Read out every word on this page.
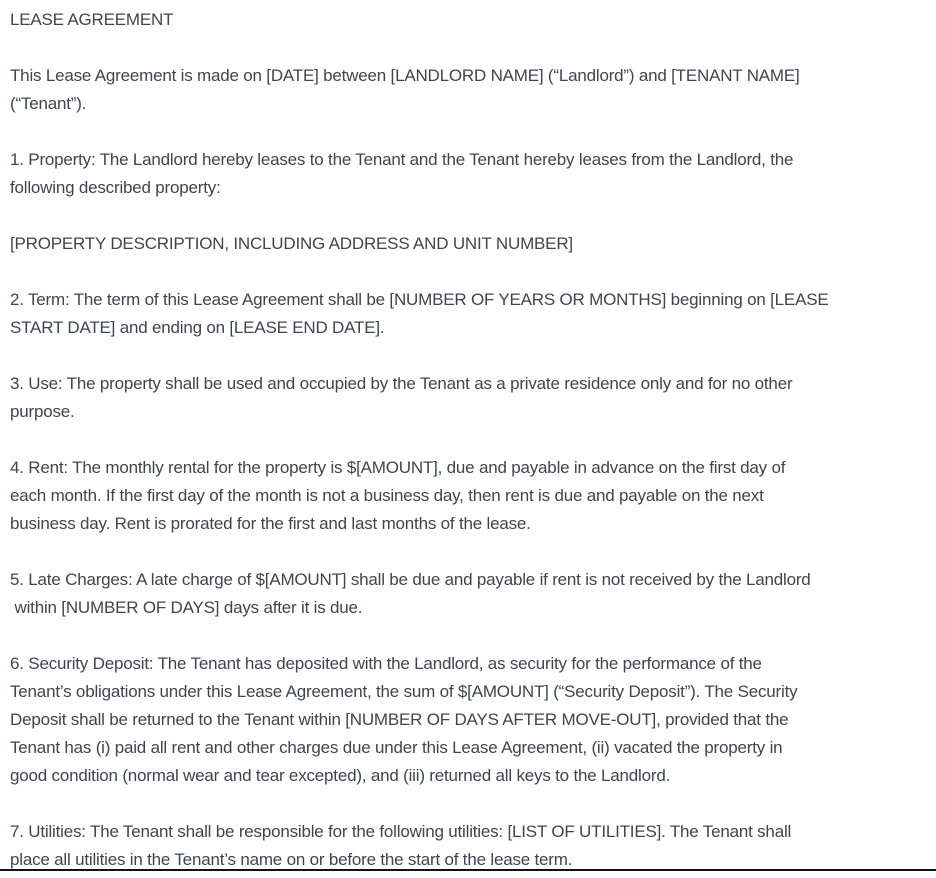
LEASE AGREEMENT
This Lease Agreement is made on [DATE] between [LANDLORD NAME] (“Landlord”) and [TENANT NAME]
(“Tenant”).
1. Property: The Landlord hereby leases to the Tenant and the Tenant hereby leases from the Landlord, the
following described property:
[PROPERTY DESCRIPTION, INCLUDING ADDRESS AND UNIT NUMBER]
2. Term: The term of this Lease Agreement shall be [NUMBER OF YEARS OR MONTHS] beginning on [LEASE
START DATE] and ending on [LEASE END DATE].
3. Use: The property shall be used and occupied by the Tenant as a private residence only and for no other
purpose.
4. Rent: The monthly rental for the property is $[AMOUNT], due and payable in advance on the first day of
each month. If the first day of the month is not a business day, then rent is due and payable on the next
business day. Rent is prorated for the first and last months of the lease.
5. Late Charges: A late charge of $[AMOUNT] shall be due and payable if rent is not received by the Landlord
within [NUMBER OF DAYS] days after it is due.
6. Security Deposit: The Tenant has deposited with the Landlord, as security for the performance of the
Tenant’s obligations under this Lease Agreement, the sum of $[AMOUNT] (“Security Deposit”). The Security
Deposit shall be returned to the Tenant within [NUMBER OF DAYS AFTER MOVE-OUT], provided that the
Tenant has (i) paid all rent and other charges due under this Lease Agreement, (ii) vacated the property in
good condition (normal wear and tear excepted), and (iii) returned all keys to the Landlord.
7. Utilities: The Tenant shall be responsible for the following utilities: [LIST OF UTILITIES]. The Tenant shall
place all utilities in the Tenant’s name on or before the start of the lease term.
